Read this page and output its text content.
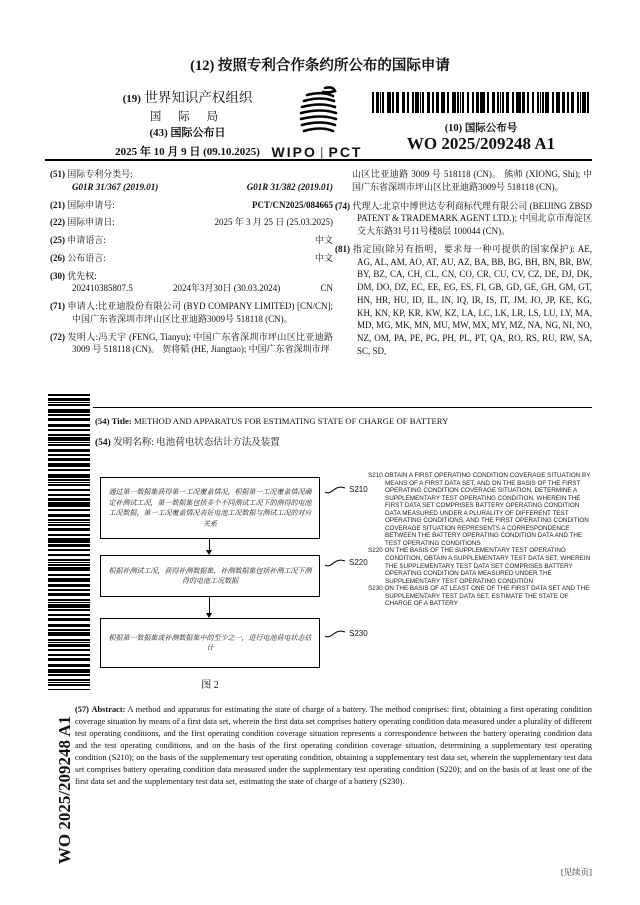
(12) 按照专利合作条约所公布的国际申请
(19) 世界知识产权组织
国 际 局
(43) 国际公布日
2025 年 10 月 9 日 (09.10.2025) WIPO | PCT
(10) 国际公布号
WO 2025/209248 A1
(51) 国际专利分类号:
G01R 31/367 (2019.01)	G01R 31/382 (2019.01)
(21) 国际申请号:	PCT/CN2025/084665
(22) 国际申请日:	2025 年 3 月 25 日 (25.03.2025)
(25) 申请语言:	中文
(26) 公布语言:	中文
(30) 优先权:
202410385807.5	2024年3月30日 (30.03.2024)	CN
(71) 申请人:比亚迪股份有限公司 (BYD COMPANY LIMITED) [CN/CN]; 中国广东省深圳市坪山区比亚迪路3009号 518118 (CN)。
(72) 发明人:冯天宇 (FENG, Tianyu); 中国广东省深圳市坪山区比亚迪路 3009 号 518118 (CN)。 贺将韬 (HE, Jiangtao); 中国广东省深圳市坪
山区比亚迪路 3009 号 518118 (CN)。 熊师 (XIONG, Shi); 中国广东省深圳市坪山区比亚迪路3009号 518118 (CN)。
(74) 代理人:北京中博世达专利商标代理有限公司 (BEIJING ZBSD PATENT & TRADEMARK AGENT LTD.); 中国北京市海淀区交大东路31号11号楼8层 100044 (CN)。
(81) 指定国(除另有指明，要求每一种可提供的国家保护): AE, AG, AL, AM, AO, AT, AU, AZ, BA, BB, BG, BH, BN, BR, BW, BY, BZ, CA, CH, CL, CN, CO, CR, CU, CV, CZ, DE, DJ, DK, DM, DO, DZ, EC, EE, EG, ES, FI, GB, GD, GE, GH, GM, GT, HN, HR, HU, ID, IL, IN, IQ, IR, IS, IT, JM, JO, JP, KE, KG, KH, KN, KP, KR, KW, KZ, LA, LC, LK, LR, LS, LU, LY, MA, MD, MG, MK, MN, MU, MW, MX, MY, MZ, NA, NG, NI, NO, NZ, OM, PA, PE, PG, PH, PL, PT, QA, RO, RS, RU, RW, SA, SC, SD,
WO 2025/209248 A1
(54) Title: METHOD AND APPARATUS FOR ESTIMATING STATE OF CHARGE OF BATTERY
(54) 发明名称: 电池荷电状态估计方法及装置
通过第一数据集获得第一工况覆盖情况，根据第一工况覆盖情况确定补测试工况，第一数据集包括多个不同测试工况下的测得的电池工况数据，第一工况覆盖情况表征电池工况数据与测试工况的对应关系
根据补测试工况，获得补测数据集，补测数据集包括补测工况下测得的电池工况数据
根据第一数据集或补测数据集中的至少之一，进行电池荷电状态估计
S210
S220
S230
图 2
S210 OBTAIN A FIRST OPERATING CONDITION COVERAGE SITUATION BY MEANS OF A FIRST DATA SET, AND ON THE BASIS OF THE FIRST OPERATING CONDITION COVERAGE SITUATION, DETERMINE A SUPPLEMENTARY TEST OPERATING CONDITION, WHEREIN THE FIRST DATA SET COMPRISES BATTERY OPERATING CONDITION DATA MEASURED UNDER A PLURALITY OF DIFFERENT TEST OPERATING CONDITIONS, AND THE FIRST OPERATING CONDITION COVERAGE SITUATION REPRESENTS A CORRESPONDENCE BETWEEN THE BATTERY OPERATING CONDITION DATA AND THE TEST OPERATING CONDITIONS
S220 ON THE BASIS OF THE SUPPLEMENTARY TEST OPERATING CONDITION, OBTAIN A SUPPLEMENTARY TEST DATA SET, WHEREIN THE SUPPLEMENTARY TEST DATA SET COMPRISES BATTERY OPERATING CONDITION DATA MEASURED UNDER THE SUPPLEMENTARY TEST OPERATING CONDITION
S230 ON THE BASIS OF AT LEAST ONE OF THE FIRST DATA SET AND THE SUPPLEMENTARY TEST DATA SET, ESTIMATE THE STATE OF CHARGE OF A BATTERY
(57) Abstract: A method and apparatus for estimating the state of charge of a battery. The method comprises: first, obtaining a first operating condition coverage situation by means of a first data set, wherein the first data set comprises battery operating condition data measured under a plurality of different test operating conditions, and the first operating condition coverage situation represents a correspondence between the battery operating condition data and the test operating conditions, and on the basis of the first operating condition coverage situation, determining a supplementary test operating condition (S210); on the basis of the supplementary test operating condition, obtaining a supplementary test data set, wherein the supplementary test data set comprises battery operating condition data measured under the supplementary test operating condition (S220); and on the basis of at least one of the first data set and the supplementary test data set, estimating the state of charge of a battery (S230).
[见续页]
